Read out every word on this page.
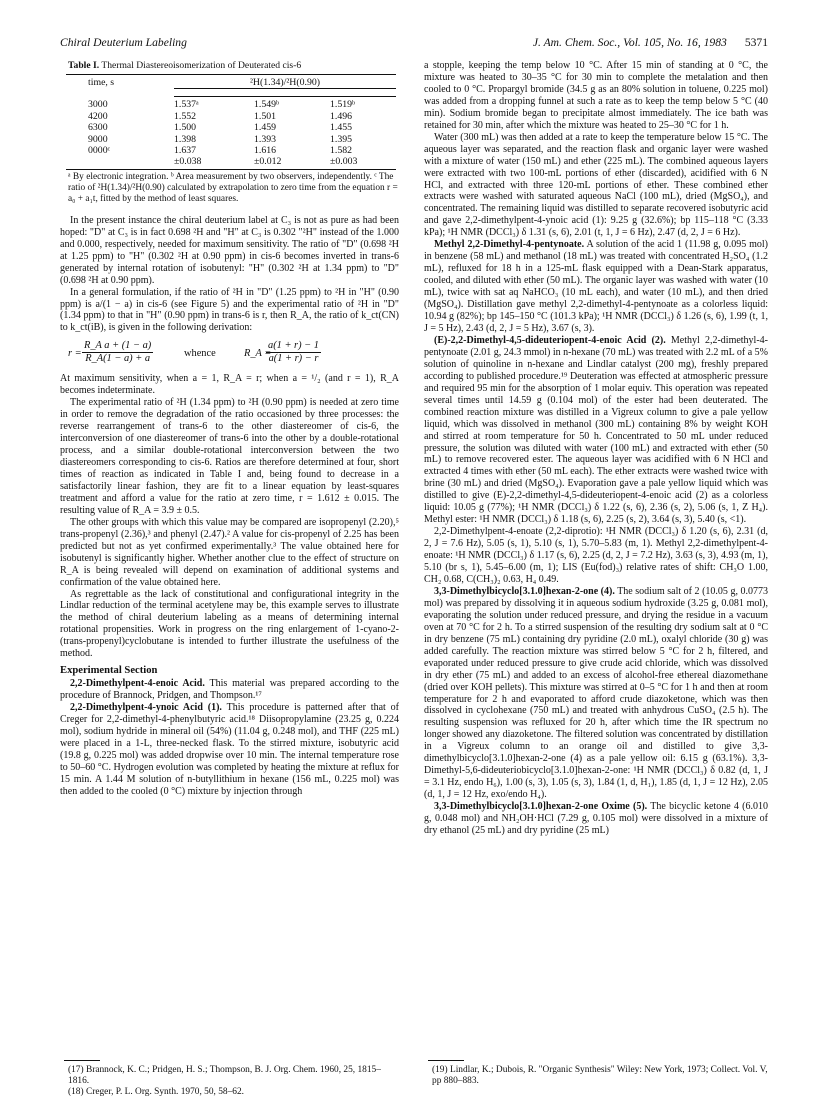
Chiral Deuterium Labeling	J. Am. Chem. Soc., Vol. 105, No. 16, 1983 5371
Table I. Thermal Diastereoisomerization of Deuterated cis-6
time, s	²H(1.34)/²H(0.90)		

3000	1.537ᵃ	1.549ᵇ	1.519ᵇ
4200	1.552	1.501	1.496
6300	1.500	1.459	1.455
9000	1.398	1.393	1.395
0000ᶜ	1.637	1.616	1.582
	±0.038	±0.012	±0.003
ᵃ By electronic integration. ᵇ Area measurement by two observers, independently. ᶜ The ratio of ²H(1.34)/²H(0.90) calculated by extrapolation to zero time from the equation r = a₀ + a₁t, fitted by the method of least squares.

In the present instance the chiral deuterium label at C₃ is not as pure as had been hoped: "D" at C₃ is in fact 0.698 ²H and "H" at C₃ is 0.302 "²H" instead of the 1.000 and 0.000, respectively, needed for maximum sensitivity. The ratio of "D" (0.698 ²H at 1.25 ppm) to "H" (0.302 ²H at 0.90 ppm) in cis-6 becomes inverted in trans-6 generated by internal rotation of isobutenyl: "H" (0.302 ²H at 1.34 ppm) to "D" (0.698 ²H at 0.90 ppm).

In a general formulation, if the ratio of ²H in "D" (1.25 ppm) to ²H in "H" (0.90 ppm) is a/(1 − a) in cis-6 (see Figure 5) and the experimental ratio of ²H in "D" (1.34 ppm) to that in "H" (0.90 ppm) in trans-6 is r, then R_A, the ratio of k_ct(CN) to k_ct(iB), is given in the following derivation:

$r = \frac{\text{R\_A a + (1 − a)}}{R\_A(1 - a) + a}$	whence	R_A =
$\frac{a(1 + r) - 1}{a(1 + r) - r}$

At maximum sensitivity, when a = 1, R_A = r; when a = ¹/₂ (and r = 1), R_A becomes indeterminate.

The experimental ratio of ²H (1.34 ppm) to ²H (0.90 ppm) is needed at zero time in order to remove the degradation of the ratio occasioned by three processes: the reverse rearrangement of trans-6 to the other diastereomer of cis-6, the interconversion of one diastereomer of trans-6 into the other by a double-rotational process, and a similar double-rotational interconversion between the two diastereomers corresponding to cis-6. Ratios are therefore determined at four, short times of reaction as indicated in Table I and, being found to decrease in a satisfactorily linear fashion, they are fit to a linear equation by least-squares treatment and afford a value for the ratio at zero time, r = 1.612 ± 0.015. The resulting value of R_A = 3.9 ± 0.5.

The other groups with which this value may be compared are isopropenyl (2.20),⁵ trans-propenyl (2.36),³ and phenyl (2.47).² A value for cis-propenyl of 2.25 has been predicted but not as yet confirmed experimentally.³ The value obtained here for isobutenyl is significantly higher. Whether another clue to the effect of structure on R_A is being revealed will depend on examination of additional systems and confirmation of the value obtained here.

As regrettable as the lack of constitutional and configurational integrity in the Lindlar reduction of the terminal acetylene may be, this example serves to illustrate the method of chiral deuterium labeling as a means of determining internal rotational propensities. Work in progress on the ring enlargement of 1-cyano-2-(trans-propenyl)cyclobutane is intended to further illustrate the usefulness of the method.

Experimental Section

2,2-Dimethylpent-4-enoic Acid. This material was prepared according to the procedure of Brannock, Pridgen, and Thompson.¹⁷

2,2-Dimethylpent-4-ynoic Acid (1). This procedure is patterned after that of Creger for 2,2-dimethyl-4-phenylbutyric acid.¹⁸ Diisopropylamine (23.25 g, 0.224 mol), sodium hydride in mineral oil (54%) (11.04 g, 0.248 mol), and THF (225 mL) were placed in a 1-L, three-necked flask. To the stirred mixture, isobutyric acid (19.8 g, 0.225 mol) was added dropwise over 10 min. The internal temperature rose to 50–60 °C. Hydrogen evolution was completed by heating the mixture at reflux for 15 min. A 1.44 M solution of n-butyllithium in hexane (156 mL, 0.225 mol) was then added to the cooled (0 °C) mixture by injection through

a stopple, keeping the temp below 10 °C. After 15 min of standing at 0 °C, the mixture was heated to 30–35 °C for 30 min to complete the metalation and then cooled to 0 °C. Propargyl bromide (34.5 g as an 80% solution in toluene, 0.225 mol) was added from a dropping funnel at such a rate as to keep the temp below 5 °C (40 min). Sodium bromide began to precipitate almost immediately. The ice bath was retained for 30 min, after which the mixture was heated to 25–30 °C for 1 h.

Water (300 mL) was then added at a rate to keep the temperature below 15 °C. The aqueous layer was separated, and the reaction flask and organic layer were washed with a mixture of water (150 mL) and ether (225 mL). The combined aqueous layers were extracted with two 100-mL portions of ether (discarded), acidified with 6 N HCl, and extracted with three 120-mL portions of ether. These combined ether extracts were washed with saturated aqueous NaCl (100 mL), dried (MgSO₄), and concentrated. The remaining liquid was distilled to separate recovered isobutyric acid and gave 2,2-dimethylpent-4-ynoic acid (1): 9.25 g (32.6%); bp 115–118 °C (3.33 kPa); ¹H NMR (DCCl₃) δ 1.31 (s, 6), 2.01 (t, 1, J = 6 Hz), 2.47 (d, 2, J = 6 Hz).

Methyl 2,2-Dimethyl-4-pentynoate. A solution of the acid 1 (11.98 g, 0.095 mol) in benzene (58 mL) and methanol (18 mL) was treated with concentrated H₂SO₄ (1.2 mL), refluxed for 18 h in a 125-mL flask equipped with a Dean-Stark apparatus, cooled, and diluted with ether (50 mL). The organic layer was washed with water (10 mL), twice with sat aq NaHCO₃ (10 mL each), and water (10 mL), and then dried (MgSO₄). Distillation gave methyl 2,2-dimethyl-4-pentynoate as a colorless liquid: 10.94 g (82%); bp 145–150 °C (101.3 kPa); ¹H NMR (DCCl₃) δ 1.26 (s, 6), 1.99 (t, 1, J = 5 Hz), 2.43 (d, 2, J = 5 Hz), 3.67 (s, 3).

(E)-2,2-Dimethyl-4,5-dideuteriopent-4-enoic Acid (2). Methyl 2,2-dimethyl-4-pentynoate (2.01 g, 24.3 mmol) in n-hexane (70 mL) was treated with 2.2 mL of a 5% solution of quinoline in n-hexane and Lindlar catalyst (200 mg), freshly prepared according to published procedure.¹⁹ Deuteration was effected at atmospheric pressure and required 95 min for the absorption of 1 molar equiv. This operation was repeated several times until 14.59 g (0.104 mol) of the ester had been deuterated. The combined reaction mixture was distilled in a Vigreux column to give a pale yellow liquid, which was dissolved in methanol (300 mL) containing 8% by weight KOH and stirred at room temperature for 50 h. Concentrated to 50 mL under reduced pressure, the solution was diluted with water (100 mL) and extracted with ether (50 mL) to remove recovered ester. The aqueous layer was acidified with 6 N HCl and extracted 4 times with ether (50 mL each). The ether extracts were washed twice with brine (30 mL) and dried (MgSO₄). Evaporation gave a pale yellow liquid which was distilled to give (E)-2,2-dimethyl-4,5-dideuteriopent-4-enoic acid (2) as a colorless liquid: 10.05 g (77%); ¹H NMR (DCCl₃) δ 1.22 (s, 6), 2.36 (s, 2), 5.06 (s, 1, Z H₄). Methyl ester: ¹H NMR (DCCl₃) δ 1.18 (s, 6), 2.25 (s, 2), 3.64 (s, 3), 5.40 (s, <1).

2,2-Dimethylpent-4-enoate (2,2-diprotio): ¹H NMR (DCCl₃) δ 1.20 (s, 6), 2.31 (d, 2, J = 7.6 Hz), 5.05 (s, 1), 5.10 (s, 1), 5.70–5.83 (m, 1). Methyl 2,2-dimethylpent-4-enoate: ¹H NMR (DCCl₃) δ 1.17 (s, 6), 2.25 (d, 2, J = 7.2 Hz), 3.63 (s, 3), 4.93 (m, 1), 5.10 (br s, 1), 5.45–6.00 (m, 1); LIS (Eu(fod)₃) relative rates of shift: CH₃O 1.00, CH₂ 0.68, C(CH₃)₂ 0.63, H₄ 0.49.

3,3-Dimethylbicyclo[3.1.0]hexan-2-one (4). The sodium salt of 2 (10.05 g, 0.0773 mol) was prepared by dissolving it in aqueous sodium hydroxide (3.25 g, 0.081 mol), evaporating the solution under reduced pressure, and drying the residue in a vacuum oven at 70 °C for 2 h. To a stirred suspension of the resulting dry sodium salt at 0 °C in dry benzene (75 mL) containing dry pyridine (2.0 mL), oxalyl chloride (30 g) was added carefully. The reaction mixture was stirred below 5 °C for 2 h, filtered, and evaporated under reduced pressure to give crude acid chloride, which was dissolved in dry ether (75 mL) and added to an excess of alcohol-free ethereal diazomethane (dried over KOH pellets). This mixture was stirred at 0–5 °C for 1 h and then at room temperature for 2 h and evaporated to afford crude diazoketone, which was then dissolved in cyclohexane (750 mL) and treated with anhydrous CuSO₄ (2.5 h). The resulting suspension was refluxed for 20 h, after which time the IR spectrum no longer showed any diazoketone. The filtered solution was concentrated by distillation in a Vigreux column to an orange oil and distilled to give 3,3-dimethylbicyclo[3.1.0]hexan-2-one (4) as a pale yellow oil: 6.15 g (63.1%). 3,3-Dimethyl-5,6-dideuteriobicyclo[3.1.0]hexan-2-one: ¹H NMR (DCCl₃) δ 0.82 (d, 1, J = 3.1 Hz, endo H₆), 1.00 (s, 3), 1.05 (s, 3), 1.84 (1, d, H₁), 1.85 (d, 1, J = 12 Hz), 2.05 (d, 1, J = 12 Hz, exo/endo H₄).

3,3-Dimethylbicyclo[3.1.0]hexan-2-one Oxime (5). The bicyclic ketone 4 (6.010 g, 0.048 mol) and NH₂OH·HCl (7.29 g, 0.105 mol) were dissolved in a mixture of dry ethanol (25 mL) and dry pyridine (25 mL)

(17) Brannock, K. C.; Pridgen, H. S.; Thompson, B. J. Org. Chem. 1960, 25, 1815–1816.
(18) Creger, P. L. Org. Synth. 1970, 50, 58–62.
(19) Lindlar, K.; Dubois, R. "Organic Synthesis" Wiley: New York, 1973; Collect. Vol. V, pp 880–883.
